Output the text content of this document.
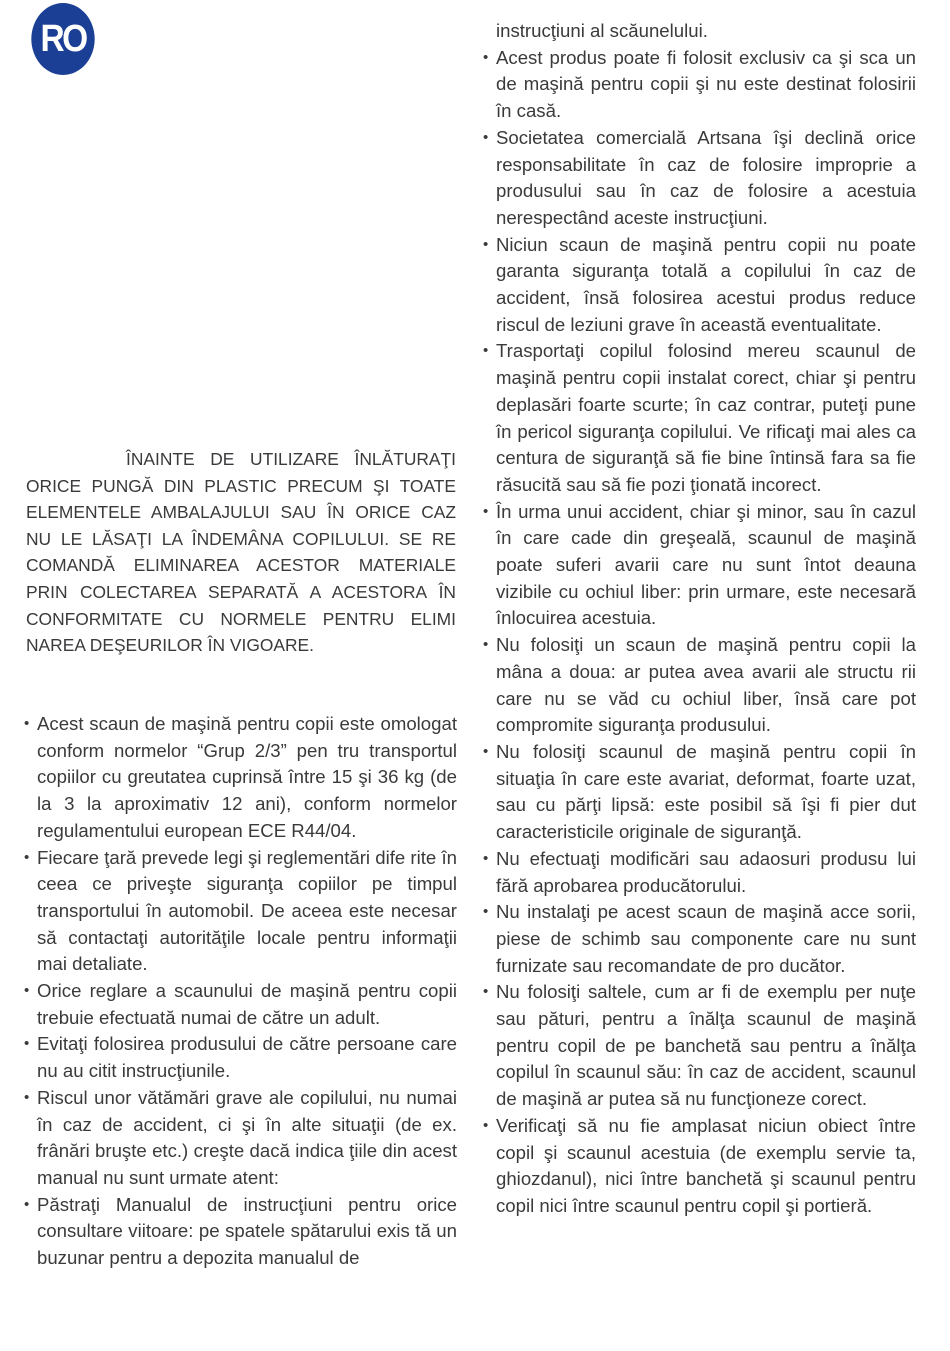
RO

ÎNAINTE DE UTILIZARE ÎNLĂTURAŢI ORICE PUNGĂ DIN PLASTIC PRECUM ŞI TOATE ELEMENTELE AMBALAJULUI SAU ÎN ORICE CAZ NU LE LĂSAŢI LA ÎNDEMÂNA COPILULUI. SE RE COMANDĂ ELIMINAREA ACESTOR MATERIALE PRIN COLECTAREA SEPARATĂ A ACESTORA ÎN CONFORMITATE CU NORMELE PENTRU ELIMI NAREA DEŞEURILOR ÎN VIGOARE.

• Acest scaun de maşină pentru copii este omologat conform normelor “Grup 2/3” pen tru transportul copiilor cu greutatea cuprinsă între 15 şi 36 kg (de la 3 la aproximativ 12 ani), conform normelor regulamentului european ECE R44/04.
• Fiecare ţară prevede legi şi reglementări dife rite în ceea ce priveşte siguranţa copiilor pe timpul transportului în automobil. De aceea este necesar să contactaţi autorităţile locale pentru informaţii mai detaliate.
• Orice reglare a scaunului de maşină pentru copii trebuie efectuată numai de către un adult.
• Evitaţi folosirea produsului de către persoane care nu au citit instrucţiunile.
• Riscul unor vătămări grave ale copilului, nu numai în caz de accident, ci şi în alte situaţii (de ex. frânări bruşte etc.) creşte dacă indica ţiile din acest manual nu sunt urmate atent:
• Păstraţi Manualul de instrucţiuni pentru orice consultare viitoare: pe spatele spătarului exis tă un buzunar pentru a depozita manualul de
instrucţiuni al scăunelului.
• Acest produs poate fi folosit exclusiv ca şi sca un de maşină pentru copii şi nu este destinat folosirii în casă.
• Societatea comercială Artsana îşi declină orice responsabilitate în caz de folosire improprie a produsului sau în caz de folosire a acestuia nerespectând aceste instrucţiuni.
• Niciun scaun de maşină pentru copii nu poate garanta siguranţa totală a copilului în caz de accident, însă folosirea acestui produs reduce riscul de leziuni grave în această eventualitate.
• Trasportaţi copilul folosind mereu scaunul de maşină pentru copii instalat corect, chiar şi pentru deplasări foarte scurte; în caz contrar, puteţi pune în pericol siguranţa copilului. Ve rificaţi mai ales ca centura de siguranţă să fie bine întinsă fara sa fie răsucită sau să fie pozi ţionată incorect.
• În urma unui accident, chiar şi minor, sau în cazul în care cade din greşeală, scaunul de maşină poate suferi avarii care nu sunt întot deauna vizibile cu ochiul liber: prin urmare, este necesară înlocuirea acestuia.
• Nu folosiţi un scaun de maşină pentru copii la mâna a doua: ar putea avea avarii ale structu rii care nu se văd cu ochiul liber, însă care pot compromite siguranţa produsului.
• Nu folosiţi scaunul de maşină pentru copii în situaţia în care este avariat, deformat, foarte uzat, sau cu părţi lipsă: este posibil să îşi fi pier dut caracteristicile originale de siguranţă.
• Nu efectuaţi modificări sau adaosuri produsu lui fără aprobarea producătorului.
• Nu instalaţi pe acest scaun de maşină acce sorii, piese de schimb sau componente care nu sunt furnizate sau recomandate de pro ducător.
• Nu folosiţi saltele, cum ar fi de exemplu per nuţe sau pături, pentru a înălţa scaunul de maşină pentru copil de pe banchetă sau pentru a înălţa copilul în scaunul său: în caz de accident, scaunul de maşină ar putea să nu funcţioneze corect.
• Verificaţi să nu fie amplasat niciun obiect între copil şi scaunul acestuia (de exemplu servie ta, ghiozdanul), nici între banchetă şi scaunul pentru copil nici între scaunul pentru copil şi portieră.
